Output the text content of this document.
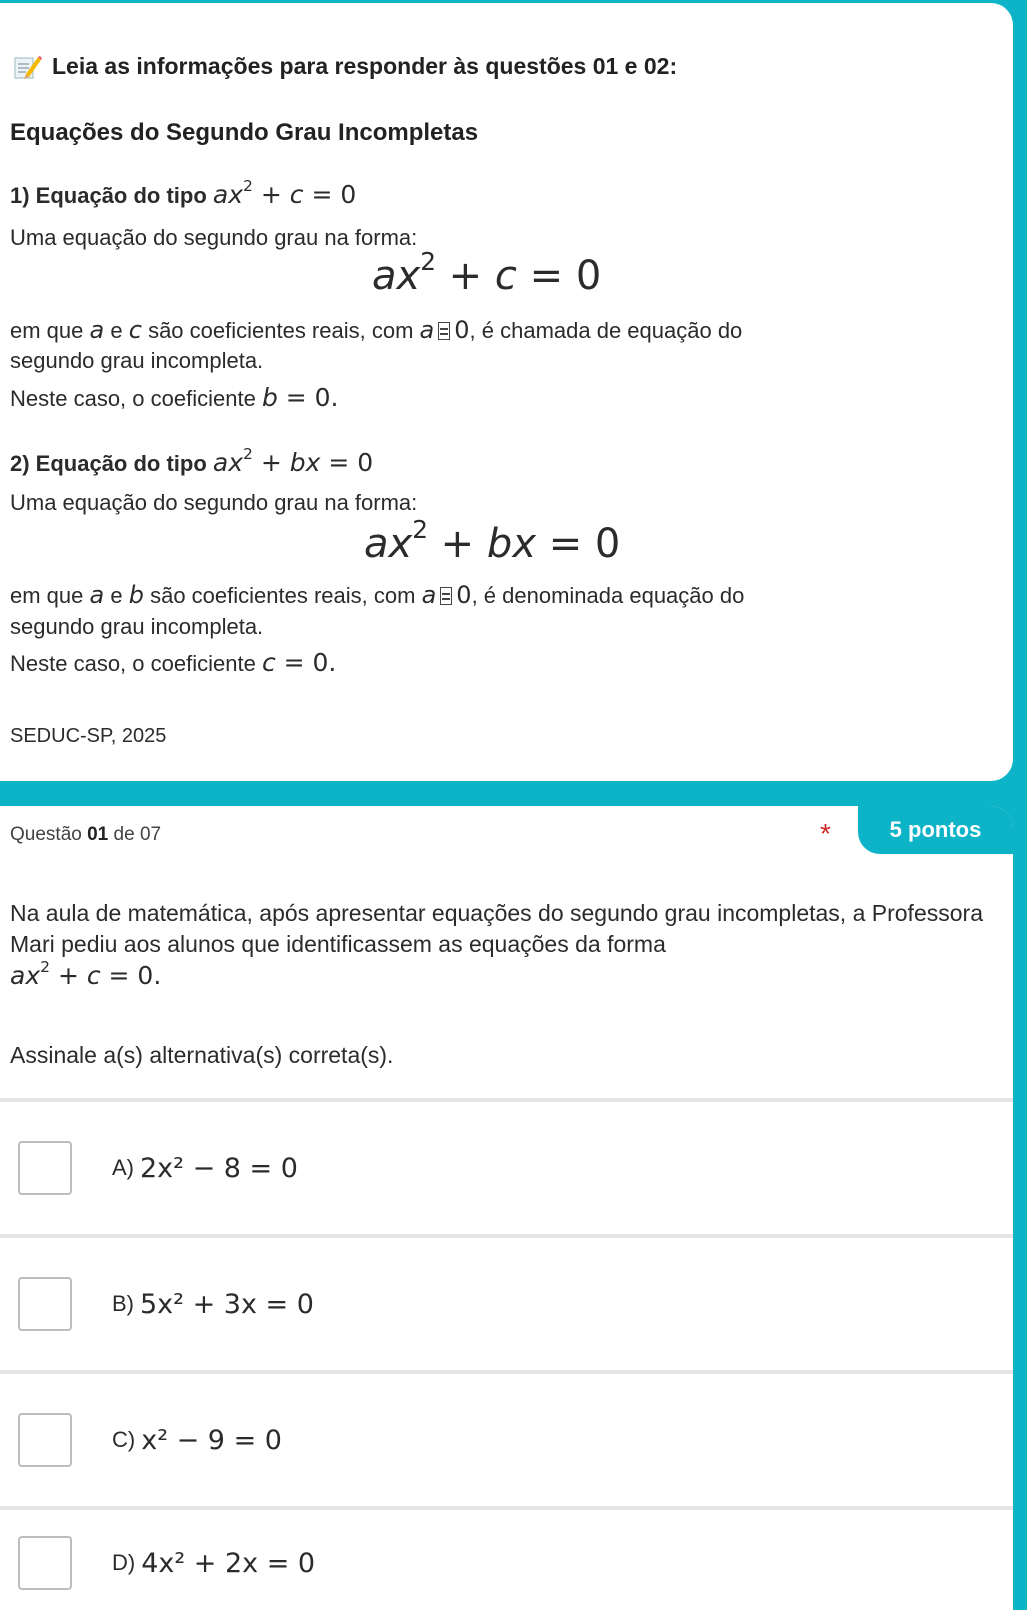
Leia as informações para responder às questões 01 e 02:
Equações do Segundo Grau Incompletas
1) Equação do tipo $ax^2 + c = 0$
Uma equação do segundo grau na forma:
$ax^2 + c = 0$
em que a e c são coeficientes reais, com a 0, é chamada de equação do
segundo grau incompleta.
Neste caso, o coeficiente b = 0.
2) Equação do tipo $ax^2$ + bx = 0
Uma equação do segundo grau na forma:
$ax^2$ + bx = 0
em que a e b são coeficientes reais, com a 0, é denominada equação do
segundo grau incompleta.
Neste caso, o coeficiente c = 0.
SEDUC-SP, 2025
Questão 01 de 07	*	5 pontos
Na aula de matemática, após apresentar equações do segundo grau incompletas, a Professora Mari pediu aos alunos que identificassem as equações da forma
$ax^2 + c = 0$.
Assinale a(s) alternativa(s) correta(s).
A) 2x² − 8 = 0
B) 5x² + 3x = 0
C) x² − 9 = 0
D) 4x² + 2x = 0
